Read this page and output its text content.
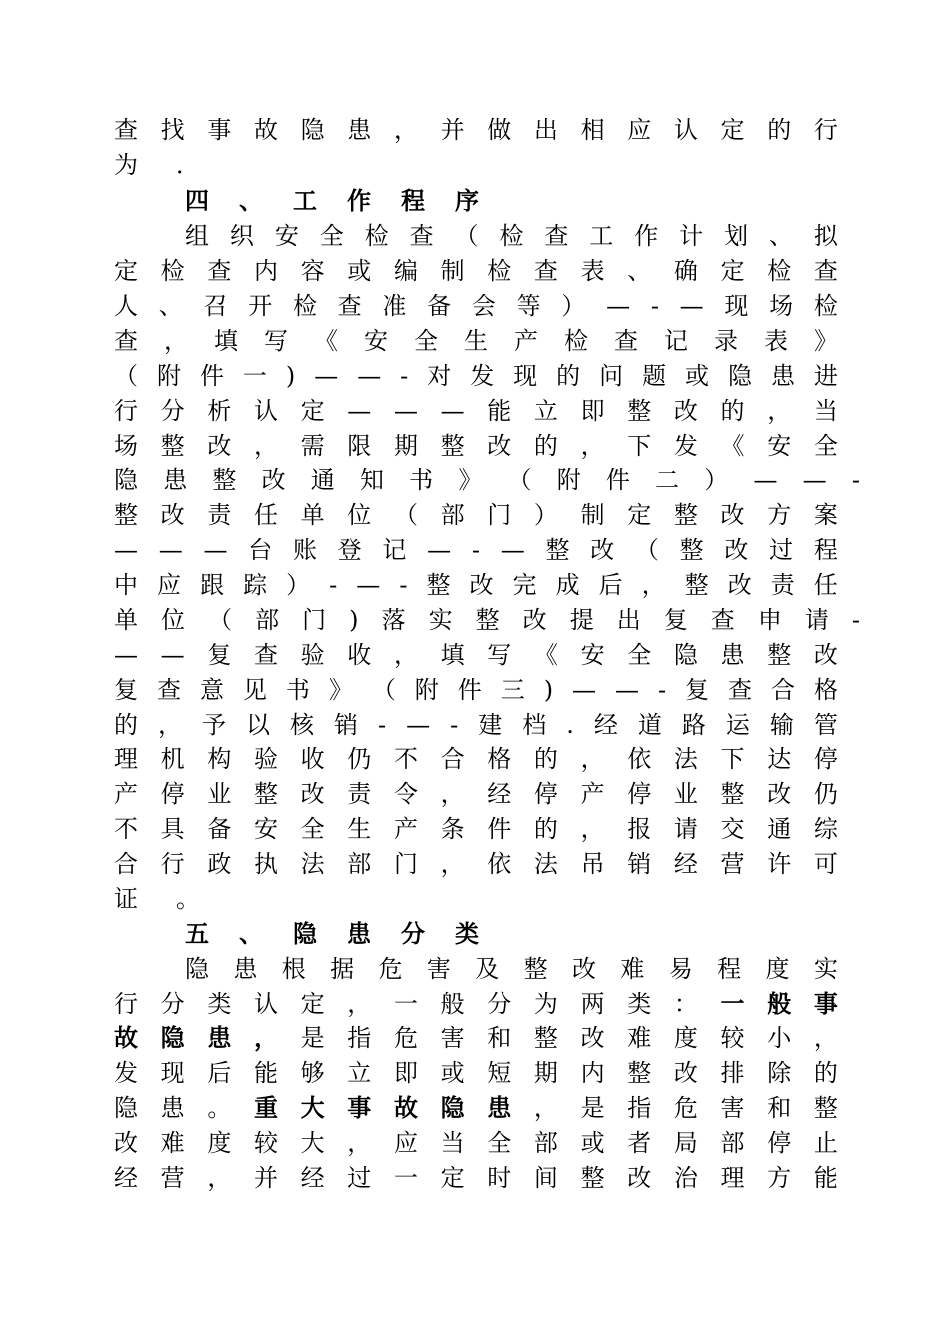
查 找 事 故 隐 患 ， 并 做 出 相 应 认 定 的 行
为 ．
四 、 工 作 程 序
组 织 安 全 检 查 （ 检 查 工 作 计 划 、 拟
定 检 查 内 容 或 编 制 检 查 表 、 确 定 检 查
人 、 召 开 检 查 准 备 会 等 ） — - — 现 场 检
查 ， 填 写 《 安 全 生 产 检 查 记 录 表 》
（ 附 件 一 ) — — - 对 发 现 的 问 题 或 隐 患 进
行 分 析 认 定 — — — 能 立 即 整 改 的 ， 当
场 整 改 ， 需 限 期 整 改 的 ， 下 发 《 安 全
隐 患 整 改 通 知 书 》 （ 附 件 二 ） — — -
整 改 责 任 单 位 （ 部 门 ） 制 定 整 改 方 案
— — — 台 账 登 记 — - — 整 改 （ 整 改 过 程
中 应 跟 踪 ） - — - 整 改 完 成 后 ， 整 改 责 任
单 位 （ 部 门 ) 落 实 整 改 提 出 复 查 申 请 -
— — 复 查 验 收 ， 填 写 《 安 全 隐 患 整 改
复 查 意 见 书 》 （ 附 件 三 ) — — - 复 查 合 格
的 ， 予 以 核 销 - — - 建 档 . 经 道 路 运 输 管
理 机 构 验 收 仍 不 合 格 的 ， 依 法 下 达 停
产 停 业 整 改 责 令 ， 经 停 产 停 业 整 改 仍
不 具 备 安 全 生 产 条 件 的 ， 报 请 交 通 综
合 行 政 执 法 部 门 ， 依 法 吊 销 经 营 许 可
证 。
五 、 隐 患 分 类
隐 患 根 据 危 害 及 整 改 难 易 程 度 实
行 分 类 认 定 ， 一 般 分 为 两 类 ： 一 般 事
故 隐 患 ， 是 指 危 害 和 整 改 难 度 较 小 ，
发 现 后 能 够 立 即 或 短 期 内 整 改 排 除 的
隐 患 。 重 大 事 故 隐 患 ， 是 指 危 害 和 整
改 难 度 较 大 ， 应 当 全 部 或 者 局 部 停 止
经 营 ， 并 经 过 一 定 时 间 整 改 治 理 方 能
